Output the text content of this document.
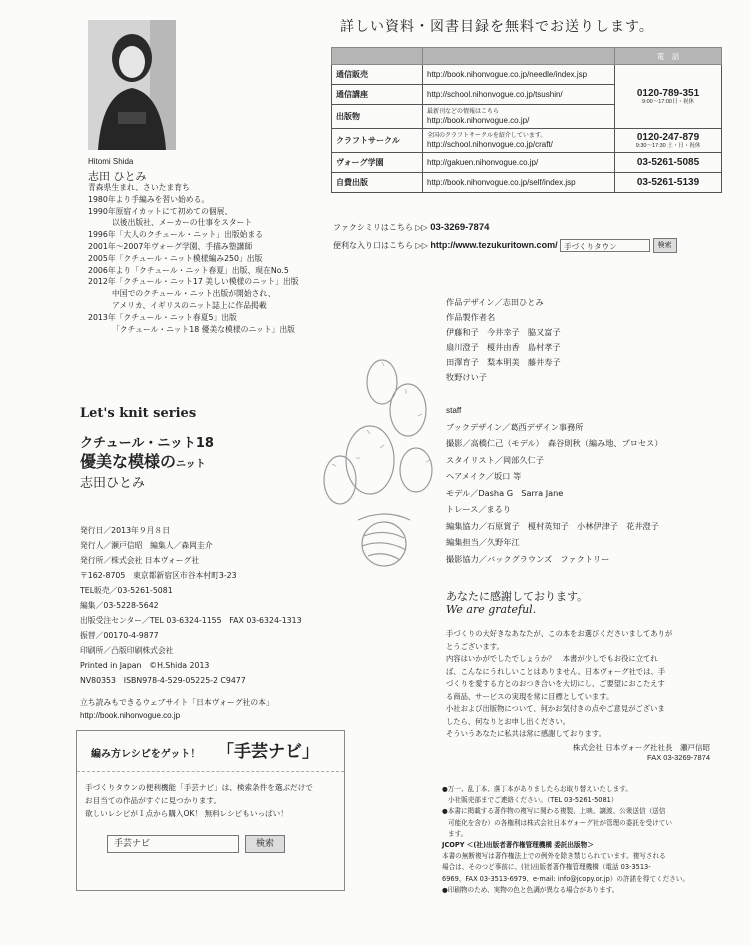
Hitomi Shida
志田 ひとみ
青森県生まれ、さいたま育ち
1980年より手編みを習い始める。
1990年原宿イカットにて初めての個展、
以後出版社、メーカーの仕事をスタート
1996年「大人のクチュール・ニット」出版始まる
2001年〜2007年ヴォーグ学園、手描み塾講師
2005年「クチュール・ニット模様編み250」出版
2006年より「クチュール・ニット春夏」出版、現在No.5
2012年「クチュール・ニット17 美しい模様のニット」出版
中国でのクチュール・ニット出版が開始され、
アメリカ、イギリスのニット誌上に作品掲載
2013年「クチュール・ニット春夏5」出版
「クチュール・ニット18 優美な模様のニット」出版
Let's knit series
クチュール・ニット18
優美な模様のニット
志田ひとみ
発行日／2013年９月８日
発行人／瀬戸信昭　編集人／森岡圭介
発行所／株式会社 日本ヴォーグ社
〒162-8705　東京都新宿区市谷本村町3-23
TEL販売／03-5261-5081
編集／03-5228-5642
出版受注センター／TEL 03-6324-1155　FAX 03-6324-1313
振替／00170-4-9877
印刷所／凸版印刷株式会社
Printed in Japan　©H.Shida 2013
NV80353　ISBN978-4-529-05225-2 C9477
立ち読みもできるウェブサイト「日本ヴォーグ社の本」
http://book.nihonvogue.co.jp
編み方レシピをゲット！ 「手芸ナビ」
手づくりタウンの便利機能「手芸ナビ」は、検索条件を選ぶだけで
お目当ての作品がすぐに見つかります。
欲しいレシピが１点から購入OK！ 無料レシピもいっぱい！
手芸ナビ	検索
詳しい資料・図書目録を無料でお送りします。
		電　話
通信販売	http://book.nihonvogue.co.jp/needle/index.jsp	0120-789-351
9:00〜17:00日・祝休

通信講座	http://school.nihonvogue.co.jp/tsushin/	
出版物	最新刊などの情報はこちら
http://book.nihonvogue.co.jp/	
クラフトサークル	全国のクラフトサークルを紹介しています。
http://school.nihonvogue.co.jp/craft/	0120-247-879
9:30〜17:30 土・日・祝休

ヴォーグ学園	http://gakuen.nihonvogue.co.jp/	03-5261-5085
自費出版	http://book.nihonvogue.co.jp/self/index.jsp	03-5261-5139
ファクシミリはこちら ▷▷ 03-3269-7874
便利な入り口はこちら ▷▷ http://www.tezukuritown.com/ 手づくりタウン	検索
作品デザイン／志田ひとみ
作品製作者名
伊藤和子　今井幸子　脇又富子
扇川澄子　榎井由香　島村孝子
田澤育子　梨本明美　藤井寿子
牧野けい子
staff
ブックデザイン／葛西デザイン事務所
撮影／高橋仁己（モデル）　森谷則秋（編み地、プロセス）
スタイリスト／岡部久仁子
ヘアメイク／坂口 等
モデル／Dasha G　Sarra Jane
トレース／まるり
編集協力／石原賞子　榎村英知子　小林伊津子　花井澄子
編集担当／久野年江
撮影協力／バックグラウンズ　ファクトリー
あなたに感謝しております。
We are grateful.
手づくりの大好きなあなたが、この本をお選びくださいましてありが
とうございます。
内容はいかがでしたでしょうか？　本書が少しでもお役に立てれ
ば、こんなにうれしいことはありません。日本ヴォーグ社では、手
づくりを愛する方とのおつき合いを大切にし、ご要望におこたえす
る商品、サービスの実現を常に目標としています。
小社および出版物について、何かお気付きの点やご意見がございま
したら、何なりとお申し出ください。
そういうあなたに私共は常に感謝しております。
株式会社 日本ヴォーグ社社長　瀬戸信昭
FAX 03-3269-7874
●万一、乱丁本、落丁本がありましたらお取り替えいたします。
小社販売部までご連絡ください。（TEL 03-5261-5081）
●本書に掲載する著作物の複写に関わる複製、上映、譲渡、公衆送信（送信
可能化を含む）の各権利は株式会社日本ヴォーグ社が管理の委託を受けてい
ます。
JCOPY ＜(社)出版者著作権管理機構 委託出版物＞
本書の無断複写は著作権法上での例外を除き禁じられています。複写される
場合は、そのつど事前に、(社)出版者著作権管理機構（電話 03-3513-
6969、FAX 03-3513-6979、e-mail: info@jcopy.or.jp）の許諾を得てください。
●印刷物のため、実物の色と色調が異なる場合があります。
